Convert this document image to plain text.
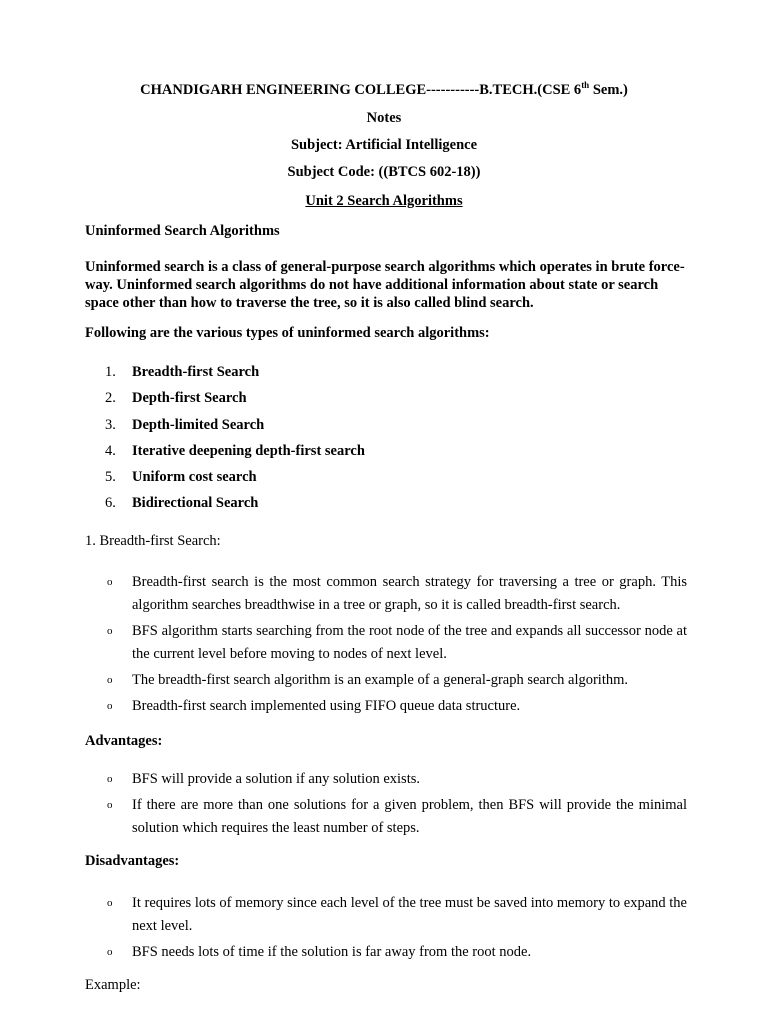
CHANDIGARH ENGINEERING COLLEGE-----------B.TECH.(CSE 6th Sem.)
Notes
Subject: Artificial Intelligence
Subject Code: ((BTCS 602-18))
Unit 2 Search Algorithms
Uninformed Search Algorithms
Uninformed search is a class of general-purpose search algorithms which operates in brute force-way. Uninformed search algorithms do not have additional information about state or search space other than how to traverse the tree, so it is also called blind search.
Following are the various types of uninformed search algorithms:
1. Breadth-first Search
2. Depth-first Search
3. Depth-limited Search
4. Iterative deepening depth-first search
5. Uniform cost search
6. Bidirectional Search
1. Breadth-first Search:
o Breadth-first search is the most common search strategy for traversing a tree or graph. This algorithm searches breadthwise in a tree or graph, so it is called breadth-first search.
o BFS algorithm starts searching from the root node of the tree and expands all successor node at the current level before moving to nodes of next level.
o The breadth-first search algorithm is an example of a general-graph search algorithm.
o Breadth-first search implemented using FIFO queue data structure.
Advantages:
o BFS will provide a solution if any solution exists.
o If there are more than one solutions for a given problem, then BFS will provide the minimal solution which requires the least number of steps.
Disadvantages:
o It requires lots of memory since each level of the tree must be saved into memory to expand the next level.
o BFS needs lots of time if the solution is far away from the root node.
Example:
